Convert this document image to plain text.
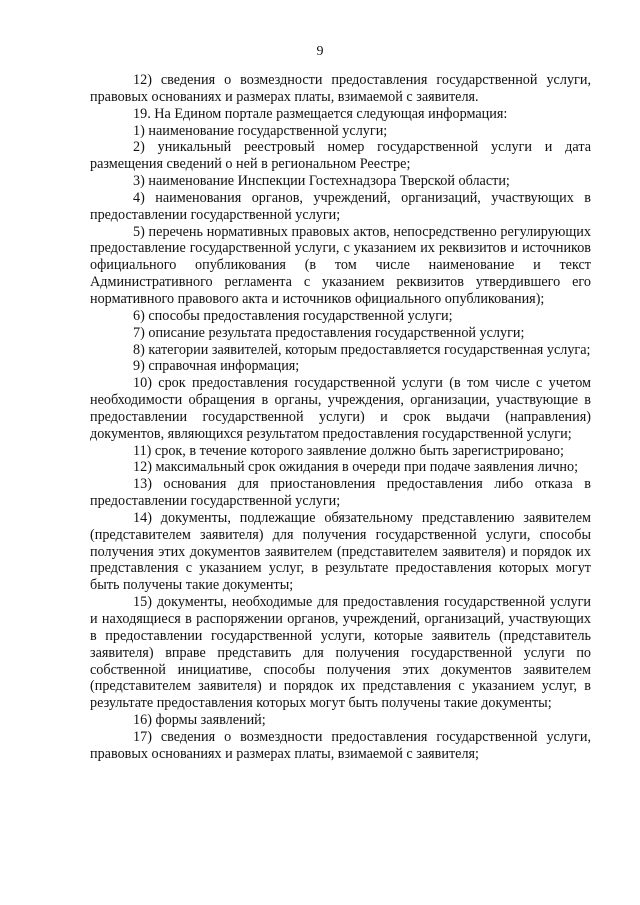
9

12) сведения о возмездности предоставления государственной услуги, правовых основаниях и размерах платы, взимаемой с заявителя.

19. На Едином портале размещается следующая информация:

1) наименование государственной услуги;

2) уникальный реестровый номер государственной услуги и дата размещения сведений о ней в региональном Реестре;

3) наименование Инспекции Гостехнадзора Тверской области;

4) наименования органов, учреждений, организаций, участвующих в предоставлении государственной услуги;

5) перечень нормативных правовых актов, непосредственно регулирующих предоставление государственной услуги, с указанием их реквизитов и источников официального опубликования (в том числе наименование и текст Административного регламента с указанием реквизитов утвердившего его нормативного правового акта и источников официального опубликования);

6) способы предоставления государственной услуги;

7) описание результата предоставления государственной услуги;

8) категории заявителей, которым предоставляется государственная услуга;

9) справочная информация;

10) срок предоставления государственной услуги (в том числе с учетом необходимости обращения в органы, учреждения, организации, участвующие в предоставлении государственной услуги) и срок выдачи (направления) документов, являющихся результатом предоставления государственной услуги;

11) срок, в течение которого заявление должно быть зарегистрировано;

12) максимальный срок ожидания в очереди при подаче заявления лично;

13) основания для приостановления предоставления либо отказа в предоставлении государственной услуги;

14) документы, подлежащие обязательному представлению заявителем (представителем заявителя) для получения государственной услуги, способы получения этих документов заявителем (представителем заявителя) и порядок их представления с указанием услуг, в результате предоставления которых могут быть получены такие документы;

15) документы, необходимые для предоставления государственной услуги и находящиеся в распоряжении органов, учреждений, организаций, участвующих в предоставлении государственной услуги, которые заявитель (представитель заявителя) вправе представить для получения государственной услуги по собственной инициативе, способы получения этих документов заявителем (представителем заявителя) и порядок их представления с указанием услуг, в результате предоставления которых могут быть получены такие документы;

16) формы заявлений;

17) сведения о возмездности предоставления государственной услуги, правовых основаниях и размерах платы, взимаемой с заявителя;
